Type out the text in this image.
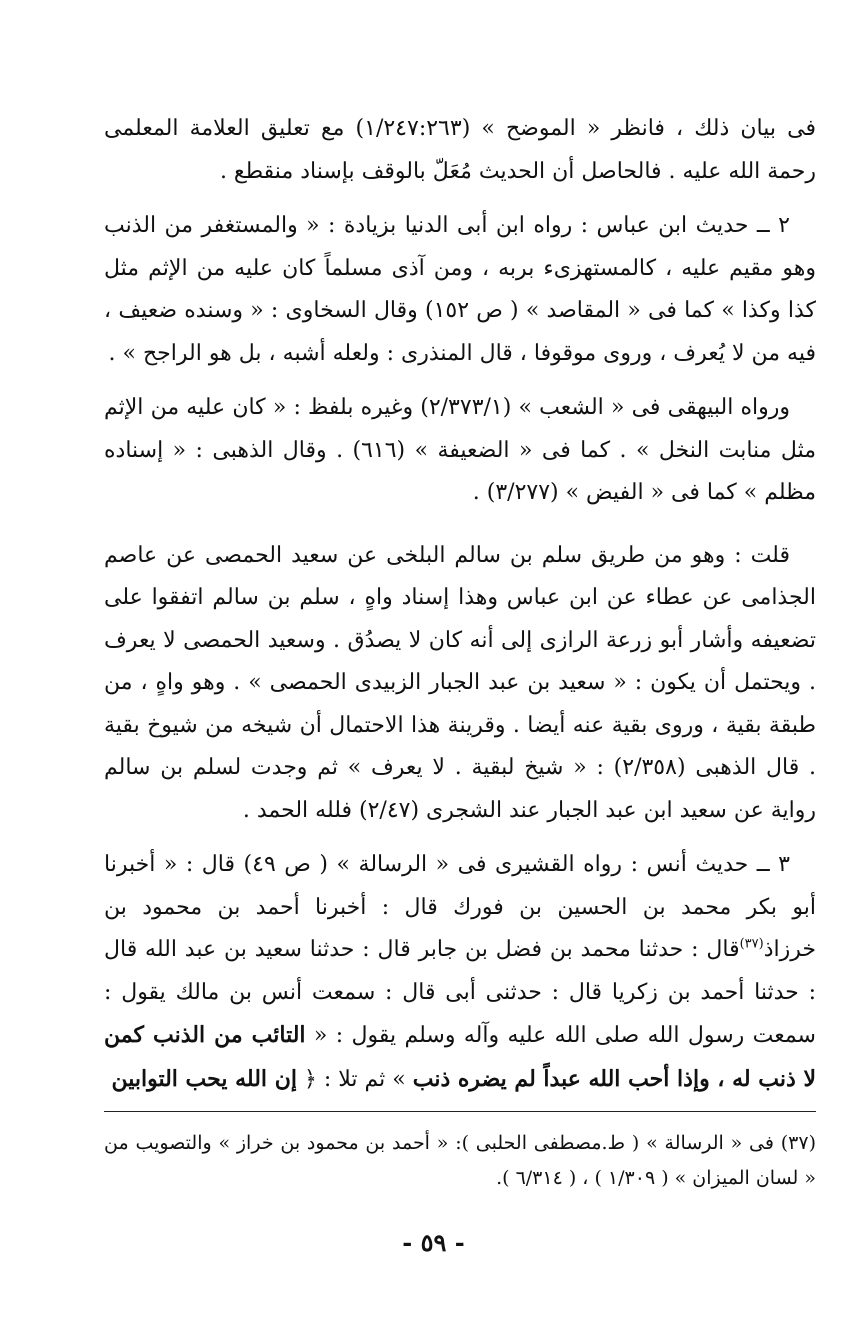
فى بيان ذلك ، فانظر « الموضح » (١/٢٤٧:٢٦٣) مع تعليق العلامة المعلمى رحمة الله عليه . فالحاصل أن الحديث مُعَلّ بالوقف بإسناد منقطع .

٢ ــ حديث ابن عباس : رواه ابن أبى الدنيا بزيادة : « والمستغفر من الذنب وهو مقيم عليه ، كالمستهزىء بربه ، ومن آذى مسلماً كان عليه من الإثم مثل كذا وكذا » كما فى « المقاصد » ( ص ١٥٢) وقال السخاوى : « وسنده ضعيف ، فيه من لا يُعرف ، وروى موقوفا ، قال المنذرى : ولعله أشبه ، بل هو الراجح » .

ورواه البيهقى فى « الشعب » (٢/٣٧٣/١) وغيره بلفظ : « كان عليه من الإثم مثل منابت النخل » . كما فى « الضعيفة » (٦١٦) . وقال الذهبى : « إسناده مظلم » كما فى « الفيض » (٣/٢٧٧) .

قلت : وهو من طريق سلم بن سالم البلخى عن سعيد الحمصى عن عاصم الجذامى عن عطاء عن ابن عباس وهذا إسناد واهٍ ، سلم بن سالم اتفقوا على تضعيفه وأشار أبو زرعة الرازى إلى أنه كان لا يصدُق . وسعيد الحمصى لا يعرف . ويحتمل أن يكون : « سعيد بن عبد الجبار الزبيدى الحمصى » . وهو واهٍ ، من طبقة بقية ، وروى بقية عنه أيضا . وقرينة هذا الاحتمال أن شيخه من شيوخ بقية . قال الذهبى (٢/٣٥٨) : « شيخ لبقية . لا يعرف » ثم وجدت لسلم بن سالم رواية عن سعيد ابن عبد الجبار عند الشجرى (٢/٤٧) فلله الحمد .

٣ ــ حديث أنس : رواه القشيرى فى « الرسالة » ( ص ٤٩) قال : « أخبرنا أبو بكر محمد بن الحسين بن فورك قال : أخبرنا أحمد بن محمود بن خرزاذ$^{(٣٧)}$قال : حدثنا محمد بن فضل بن جابر قال : حدثنا سعيد بن عبد الله قال : حدثنا أحمد بن زكريا قال : حدثنى أبى قال : سمعت أنس بن مالك يقول : سمعت رسول الله صلى الله عليه وآله وسلم يقول : « التائب من الذنب كمن لا ذنب له ، وإذا أحب الله عبداً لم يضره ذنب » ثم تلا : ﴿ إن الله يحب التوابين

(٣٧) فى « الرسالة » ( ط.مصطفى الحلبى ): « أحمد بن محمود بن خراز » والتصويب من « لسان الميزان » ( ١/٣٠٩ ) ، ( ٦/٣١٤ ).

- ٥٩ -
